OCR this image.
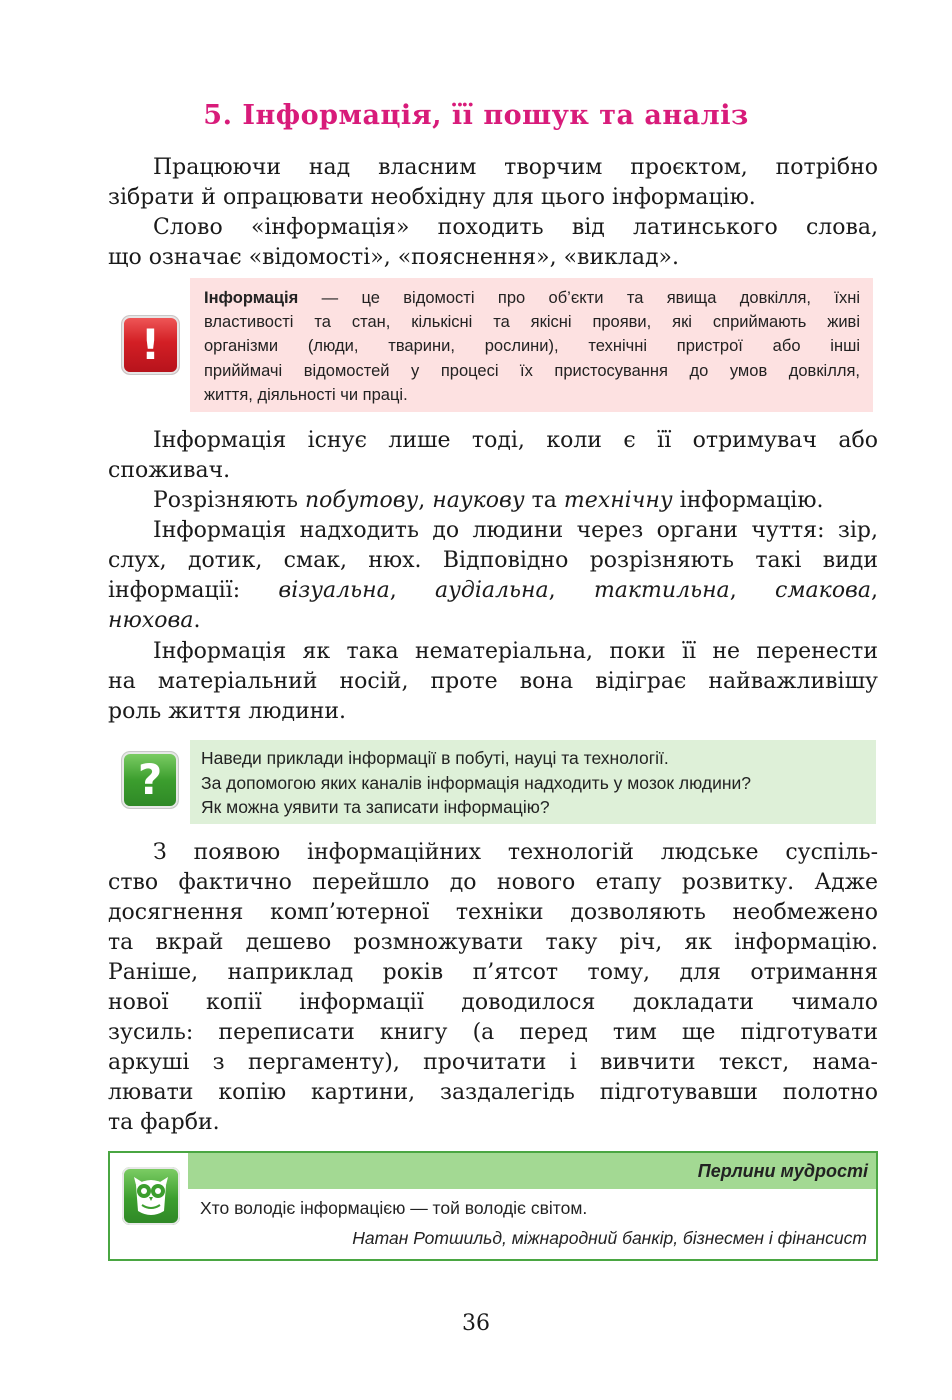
5. Інформація, її пошук та аналіз
Працюючи над власним творчим проєктом, потрібно
зібрати й опрацювати необхідну для цього інформацію.
Слово «інформація» походить від латинського слова,
що означає «відомості», «пояснення», «виклад».
!
Інформація — це відомості про об’єкти та явища довкілля, їхні
властивості та стан, кількісні та якісні прояви, які сприймають живі
організми (люди, тварини, рослини), технічні пристрої або інші
прийймачі відомостей у процесі їх пристосування до умов довкілля,
життя, діяльності чи праці.
Інформація існує лише тоді, коли є її отримувач або
споживач.
Розрізняють побутову, наукову та технічну інформацію.
Інформація надходить до людини через органи чуття: зір,
слух, дотик, смак, нюх. Відповідно розрізняють такі види
інформації: візуальна, аудіальна, тактильна, смакова,
нюхова.
Інформація як така нематеріальна, поки її не перенести
на матеріальний носій, проте вона відіграє найважливішу
роль життя людини.
?	Наведи приклади інформації в побуті, науці та технології.
За допомогою яких каналів інформація надходить у мозок людини?
Як можна уявити та записати інформацію?
З появою інформаційних технологій людське суспіль-
ство фактично перейшло до нового етапу розвитку. Адже
досягнення комп’ютерної техніки дозволяють необмежено
та вкрай дешево розмножувати таку річ, як інформацію.
Раніше, наприклад років п’ятсот тому, для отримання
нової копії інформації доводилося докладати чимало
зусиль: переписати книгу (а перед тим ще підготувати
аркуші з пергаменту), прочитати і вивчити текст, нама-
лювати копію картини, заздалегідь підготувавши полотно
та фарби.
Перлини мудрості
Хто володіє інформацією — той володіє світом.
Натан Ротшильд, міжнародний банкір, бізнесмен і фінансист
36
